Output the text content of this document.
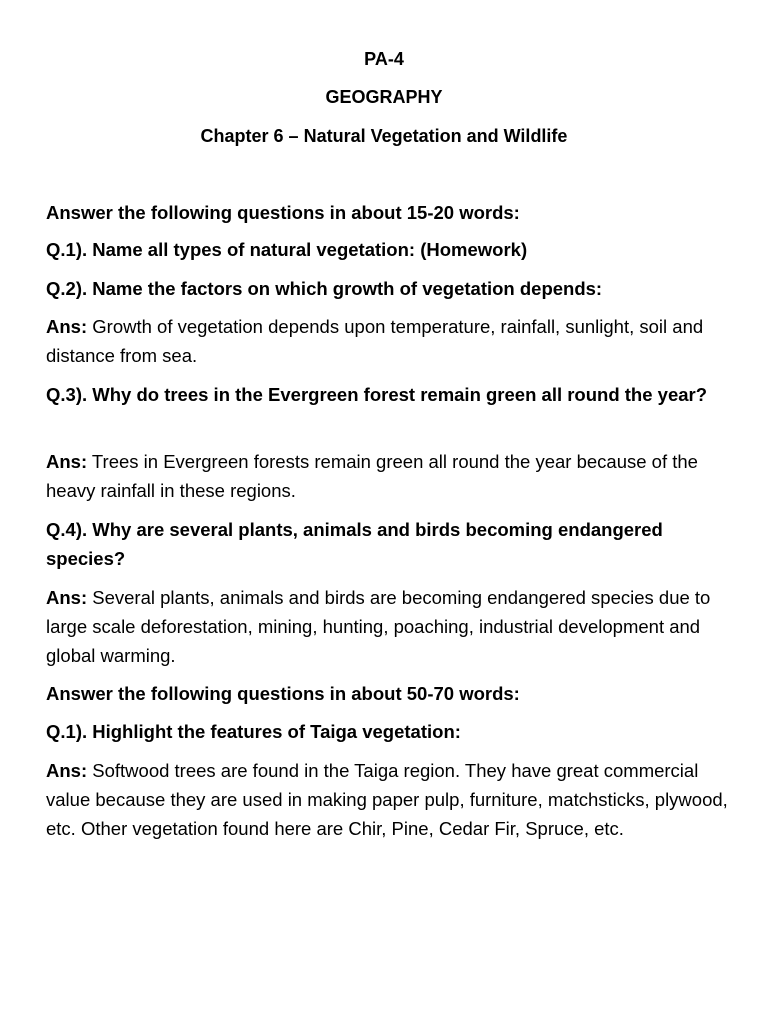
PA-4
GEOGRAPHY
Chapter 6 – Natural Vegetation and Wildlife
Answer the following questions in about 15-20 words:
Q.1). Name all types of natural vegetation: (Homework)
Q.2). Name the factors on which growth of vegetation depends:
Ans: Growth of vegetation depends upon temperature, rainfall, sunlight, soil and distance from sea.
Q.3). Why do trees in the Evergreen forest remain green all round the year?
Ans: Trees in Evergreen forests remain green all round the year because of the heavy rainfall in these regions.
Q.4). Why are several plants, animals and birds becoming endangered species?
Ans: Several plants, animals and birds are becoming endangered species due to large scale deforestation, mining, hunting, poaching, industrial development and global warming.
Answer the following questions in about 50-70 words:
Q.1). Highlight the features of Taiga vegetation:
Ans: Softwood trees are found in the Taiga region. They have great commercial value because they are used in making paper pulp, furniture, matchsticks, plywood, etc. Other vegetation found here are Chir, Pine, Cedar Fir, Spruce, etc.
